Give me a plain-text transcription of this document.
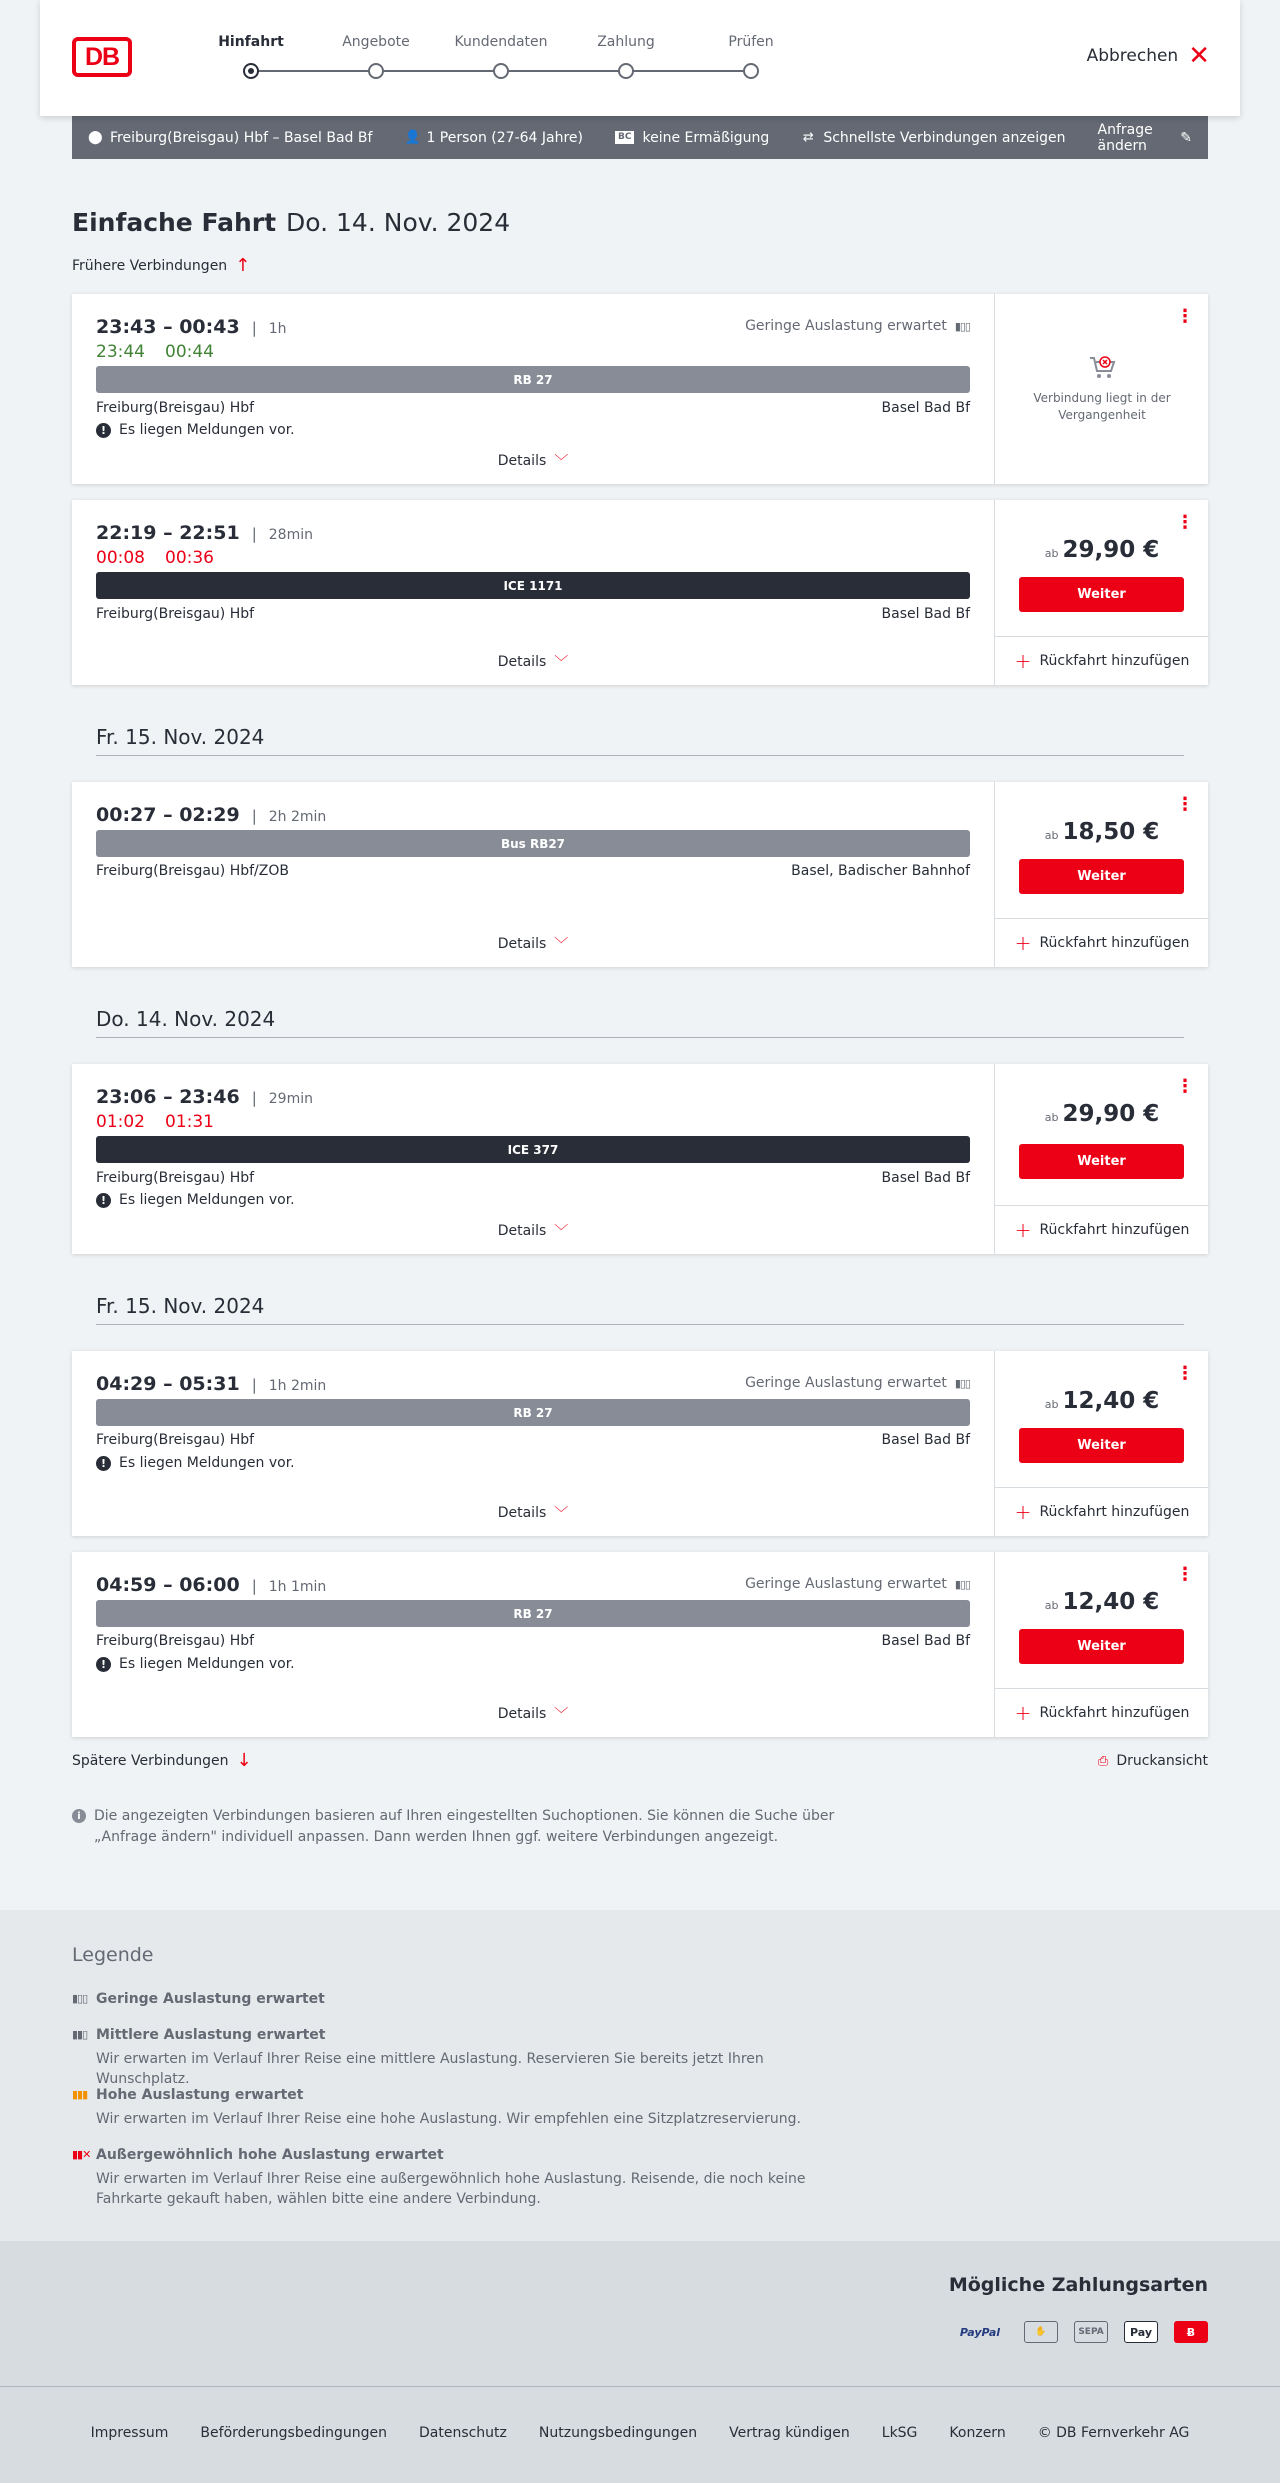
DB
Hinfahrt	Angebote	Kundendaten	Zahlung	Prüfen
Abbrechen ✕
⬤ Freiburg(Breisgau) Hbf – Basel Bad Bf 👤 1 Person (27-64 Jahre)	BC keine Ermäßigung	⇄ Schnellste Verbindungen anzeigen Anfrage ändern	✎
Einfache Fahrt Do. 14. Nov. 2024
Frühere Verbindungen ↑
23:43 – 00:43 | 1h
23:44 00:44
Geringe Auslastung erwartet ▮▯▯
RB 27
Freiburg(Breisgau) Hbf	Basel Bad Bf
! Es liegen Meldungen vor.
Details ﹀
⋮
Verbindung liegt in der Vergangenheit
22:19 – 22:51 | 28min
00:08 00:36
ICE 1171
Freiburg(Breisgau) Hbf	Basel Bad Bf
Details ﹀
⋮
ab 29,90 €
Weiter
+ Rückfahrt hinzufügen
Fr. 15. Nov. 2024
00:27 – 02:29 | 2h 2min
Bus RB27
Freiburg(Breisgau) Hbf/ZOB	Basel, Badischer Bahnhof
Details ﹀
⋮
ab 18,50 €
Weiter
+ Rückfahrt hinzufügen
Do. 14. Nov. 2024
23:06 – 23:46 | 29min
01:02 01:31
ICE 377
Freiburg(Breisgau) Hbf	Basel Bad Bf
! Es liegen Meldungen vor.
Details ﹀
⋮
ab 29,90 €
Weiter
+ Rückfahrt hinzufügen
Fr. 15. Nov. 2024
04:29 – 05:31 | 1h 2min	Geringe Auslastung erwartet ▮▯▯
RB 27
Freiburg(Breisgau) Hbf	Basel Bad Bf
! Es liegen Meldungen vor.
Details ﹀
⋮
ab 12,40 €
Weiter
+ Rückfahrt hinzufügen
04:59 – 06:00 | 1h 1min	Geringe Auslastung erwartet ▮▯▯
RB 27
Freiburg(Breisgau) Hbf	Basel Bad Bf
! Es liegen Meldungen vor.
Details ﹀
⋮
ab 12,40 €
Weiter
+ Rückfahrt hinzufügen
Spätere Verbindungen ↓	⎙ Druckansicht
i Die angezeigten Verbindungen basieren auf Ihren eingestellten Suchoptionen. Sie können die Suche über „Anfrage ändern" individuell anpassen. Dann werden Ihnen ggf. weitere Verbindungen angezeigt.
Legende
▮▯▯ Geringe Auslastung erwartet
▮▮▯ Mittlere Auslastung erwartet
Wir erwarten im Verlauf Ihrer Reise eine mittlere Auslastung. Reservieren Sie bereits jetzt Ihren Wunschplatz.
▮▮▮ Hohe Auslastung erwartet
Wir erwarten im Verlauf Ihrer Reise eine hohe Auslastung. Wir empfehlen eine Sitzplatzreservierung.
▮▮✕ Außergewöhnlich hohe Auslastung erwartet
Wir erwarten im Verlauf Ihrer Reise eine außergewöhnlich hohe Auslastung. Reisende, die noch keine Fahrkarte gekauft haben, wählen bitte eine andere Verbindung.
Mögliche Zahlungsarten
PayPal	✋	SEPA	Pay	Ƀ
Impressum Beförderungsbedingungen Datenschutz Nutzungsbedingungen Vertrag kündigen LkSG Konzern © DB Fernverkehr AG
